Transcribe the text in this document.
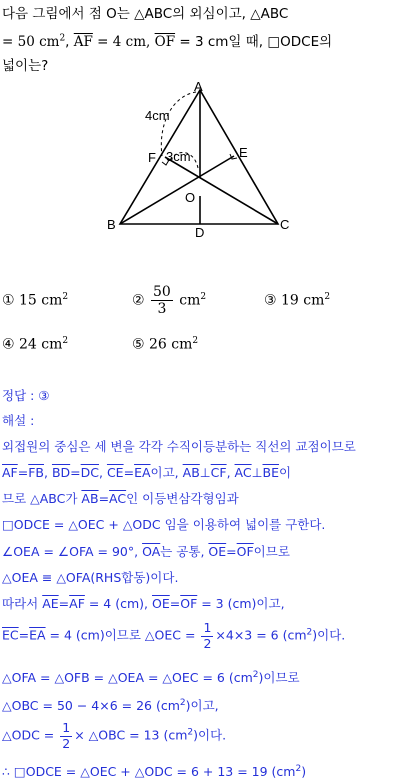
다음 그림에서 점 O는 △ABC의 외심이고, △ABC
= 50 $cm^2$, $\overline{AF} = 4$ cm, $\overline{OF} = 3$ cm일 때, □ODCE의
넓이는?
A
B	C
D
E
F
O
4cm
3cm
① 15 $cm^2$	② $\frac{50}{3} cm^2$	③ 19 $cm^2$
④ 24 $cm^2$	⑤ 26 $cm^2$
정답 : ③
해설 :
외접원의 중심은 세 변을 각각 수직이등분하는 직선의 교점이므로
$\overline{AF}=\overline{FB}$, $\overline{BD}=\overline{DC}$, $\overline{CE}=\overline{EA}$이고, $\overline{AB}\perp\overline{CF}$, $\overline{AC}\perp\overline{BE}$이
므로 △ABC가 $\overline{AB}=\overline{AC}$인 이등변삼각형임과
□ODCE = △OEC + △ODC 임을 이용하여 넓이를 구한다.
∠OEA = ∠OFA = 90°, $\overline{OA}$는 공통, $\overline{OE}=\overline{OF}$이므로
△OEA ≡ △OFA(RHS합동)이다.
따라서 $\overline{AE}=\overline{AF} = 4$ (cm), $\overline{OE}=\overline{OF} = 3$ (cm)이고,
$\overline{EC}=\overline{EA} = 4$ (cm)이므로 △OEC = $\frac{1}{2} \times 4\times 3 = 6$ $(cm^2)$이다.
△OFA = △OFB = △OEA = △OEC = 6 $(cm^2)$이므로
△OBC = 50 − 4×6 = 26 $(cm^2)$이고,
△ODC = $\frac{1}{2}$ × △OBC = 13 $(cm^2)$이다.
∴ □ODCE = △OEC + △ODC = 6 + 13 = 19 $(cm^2)$
